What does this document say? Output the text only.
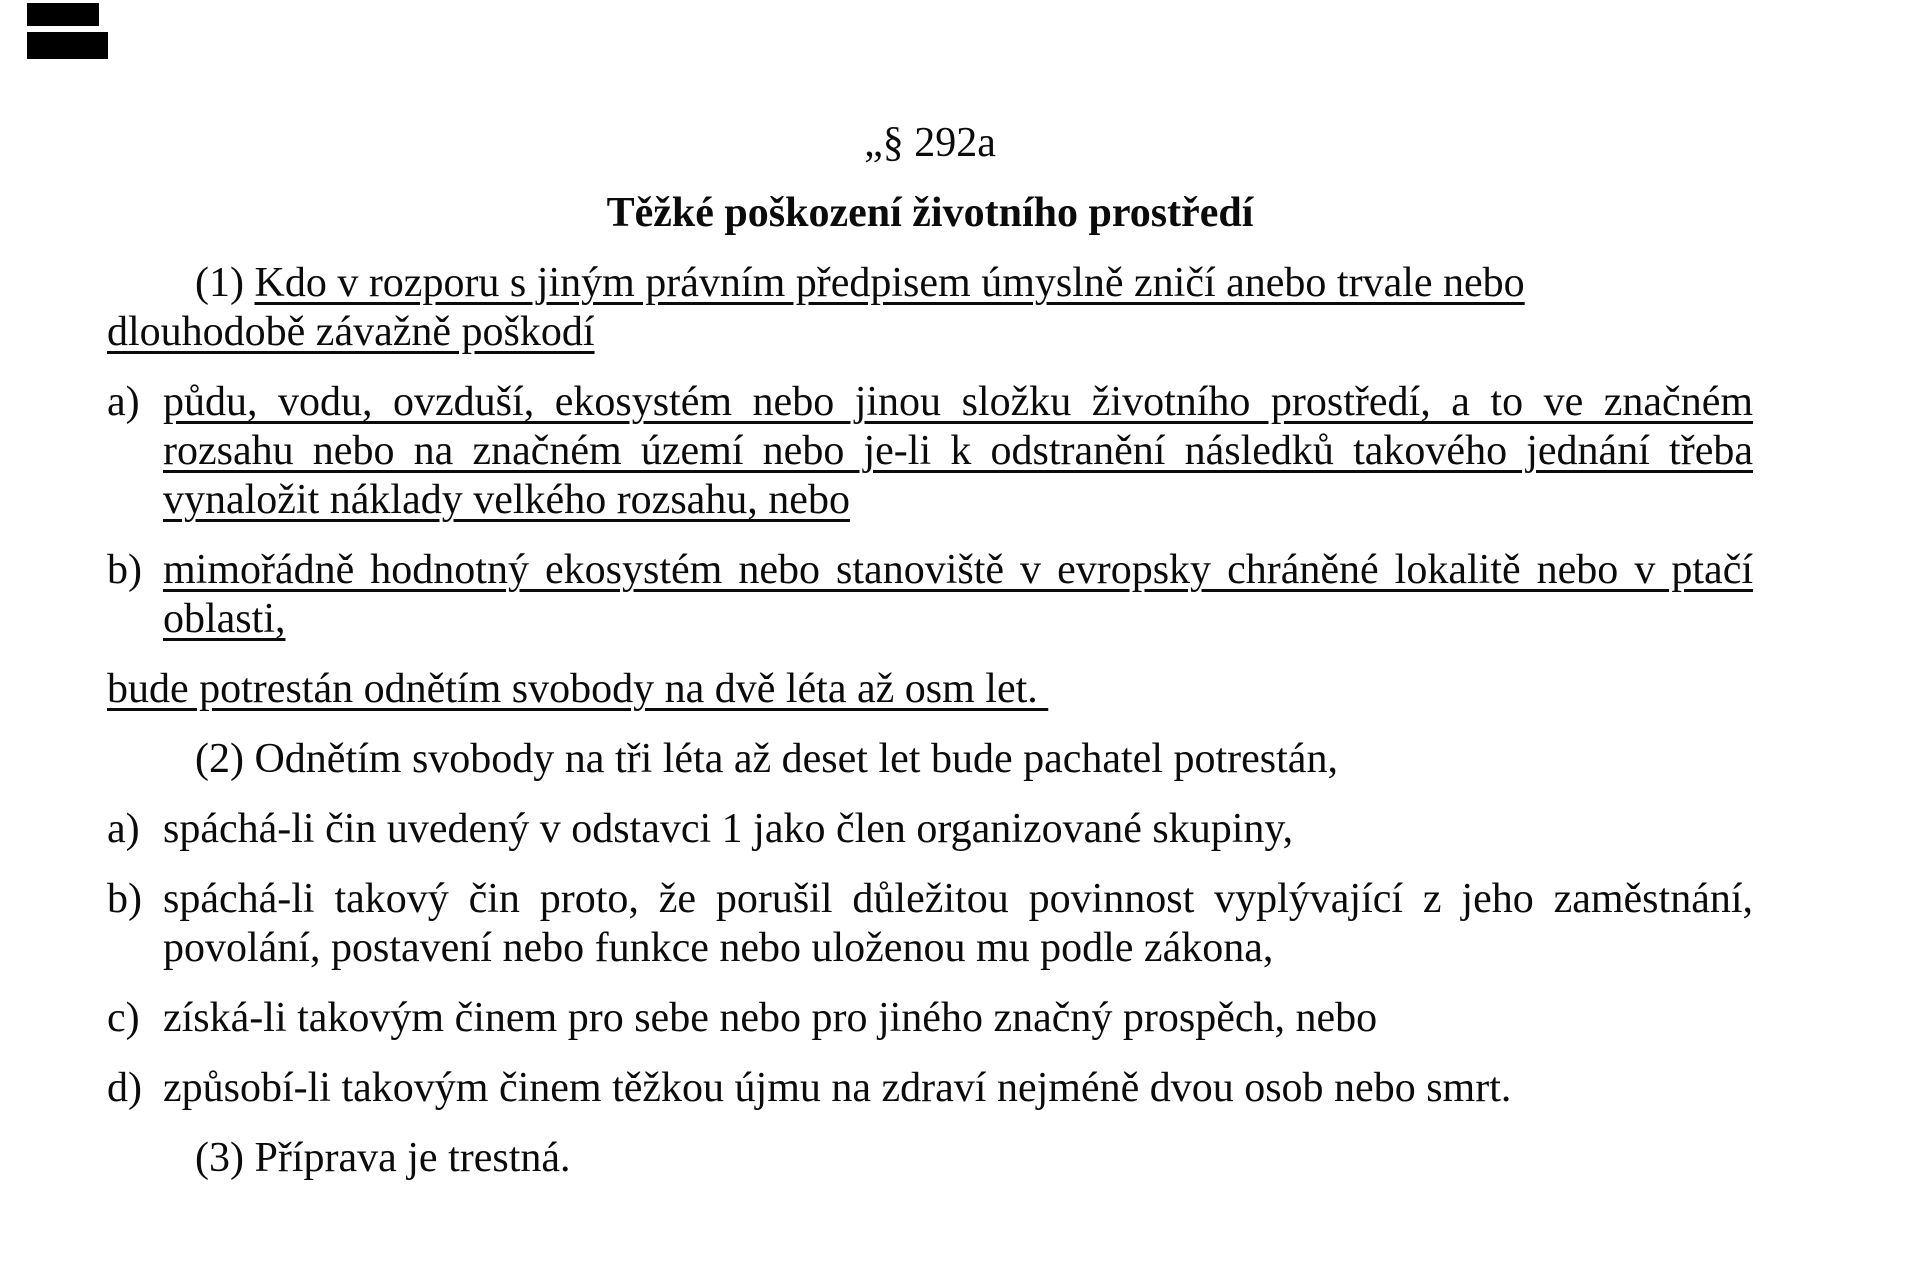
„§ 292a

Těžké poškození životního prostředí

(1) Kdo v rozporu s jiným právním předpisem úmyslně zničí anebo trvale nebo
dlouhodobě závažně poškodí

a) půdu, vodu, ovzduší, ekosystém nebo jinou složku životního prostředí, a to ve značném
rozsahu nebo na značném území nebo je-li k odstranění následků takového jednání třeba
vynaložit náklady velkého rozsahu, nebo
b) mimořádně hodnotný ekosystém nebo stanoviště v evropsky chráněné lokalitě nebo v ptačí
oblasti,

bude potrestán odnětím svobody na dvě léta až osm let.

(2) Odnětím svobody na tři léta až deset let bude pachatel potrestán,

a) spáchá-li čin uvedený v odstavci 1 jako člen organizované skupiny,
b) spáchá-li takový čin proto, že porušil důležitou povinnost vyplývající z jeho zaměstnání,
povolání, postavení nebo funkce nebo uloženou mu podle zákona,
c) získá-li takovým činem pro sebe nebo pro jiného značný prospěch, nebo
d) způsobí-li takovým činem těžkou újmu na zdraví nejméně dvou osob nebo smrt.

(3) Příprava je trestná.
